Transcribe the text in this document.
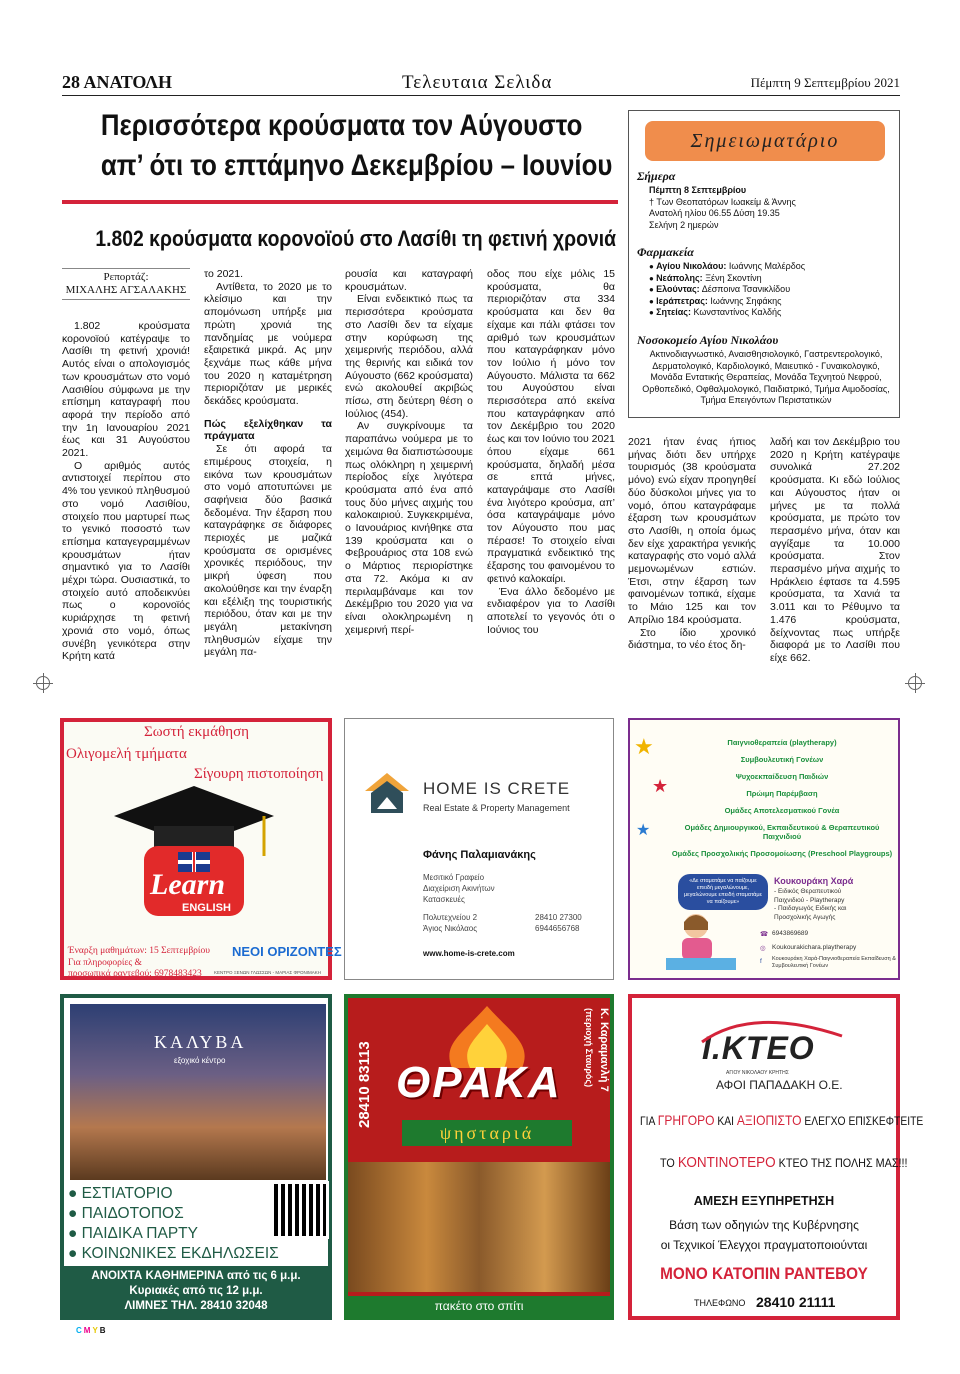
28 ΑΝΑΤΟΛΗ	Τελευταια Σελιδα	Πέμπτη 9 Σεπτεμβρίου 2021
Περισσότερα κρούσματα τον Αύγουστο
απ’ ότι το επτάμηνο Δεκεμβρίου – Ιουνίου
1.802 κρούσματα κορονοϊού στο Λασίθι τη φετινή χρονιά
Ρεπορτάζ:
ΜΙΧΑΛΗΣ ΑΓΣΑΛΑΚΗΣ

1.802 κρούσματα κορονοϊού κατέγραψε το Λασίθι τη φετινή χρονιά! Αυτός είναι ο απολογισμός των κρουσμάτων στο νομό Λασιθίου σύμφωνα με την επίσημη καταγραφή που αφορά την περίοδο από την 1η Ιανουαρίου 2021 έως και 31 Αυγούστου 2021.

Ο αριθμός αυτός αντιστοιχεί περίπου στο 4% του γενικού πληθυσμού στο νομό Λασιθίου, στοιχείο που μαρτυρεί πως το γενικό ποσοστό των επίσημα καταγεγραμμένων κρουσμάτων ήταν σημαντικό για το Λασίθι μέχρι τώρα. Ουσιαστικά, το στοιχείο αυτό αποδεικνύει πως ο κορονοϊός κυριάρχησε τη φετινή χρονιά στο νομό, όπως συνέβη γενικότερα στην Κρήτη κατά

το 2021.

Αντίθετα, το 2020 με το κλείσιμο και την απομόνωση υπήρξε μια πρώτη χρονιά της πανδημίας με νούμερα εξαιρετικά μικρά. Ας μην ξεχνάμε πως κάθε μήνα του 2020 η καταμέτρηση περιοριζόταν με μερικές δεκάδες κρούσματα.

Πώς εξελίχθηκαν τα πράγματα

Σε ότι αφορά τα επιμέρους στοιχεία, η εικόνα των κρουσμάτων στο νομό αποτυπώνει με σαφήνεια δύο βασικά δεδομένα. Την έξαρση που καταγράφηκε σε διάφορες περιοχές με μαζικά κρούσματα σε ορισμένες χρονικές περιόδους, την μικρή ύφεση που ακολούθησε και την έναρξη και εξέλιξη της τουριστικής περιόδου, όταν και με την μεγάλη μετακίνηση πληθυσμών είχαμε την μεγάλη πα-

ρουσία και καταγραφή κρουσμάτων.

Είναι ενδεικτικό πως τα περισσότερα κρούσματα στο Λασίθι δεν τα είχαμε στην κορύφωση της χειμερινής περιόδου, αλλά της θερινής και ειδικά τον Αύγουστο (662 κρούσματα) ενώ ακολουθεί ακριβώς πίσω, στη δεύτερη θέση ο Ιούλιος (454).

Αν συγκρίνουμε τα παραπάνω νούμερα με το χειμώνα θα διαπιστώσουμε πως ολόκληρη η χειμερινή περίοδος είχε λιγότερα κρούσματα από ένα από τους δύο μήνες αιχμής του καλοκαιριού. Συγκεκριμένα, ο Ιανουάριος κινήθηκε στα 139 κρούσματα και ο Φεβρουάριος στα 108 ενώ ο Μάρτιος περιορίστηκε στα 72. Ακόμα κι αν περιλαμβάναμε και τον Δεκέμβριο του 2020 για να είναι ολοκληρωμένη η χειμερινή περί-

οδος που είχε μόλις 15 κρούσματα, θα περιοριζόταν στα 334 κρούσματα και δεν θα είχαμε και πάλι φτάσει τον αριθμό των κρουσμάτων που καταγράφηκαν μόνο τον Ιούλιο ή μόνο τον Αύγουστο. Μάλιστα τα 662 του Αυγούστου είναι περισσότερα από εκείνα που καταγράφηκαν από τον Δεκέμβριο του 2020 έως και τον Ιούνιο του 2021 όπου είχαμε 661 κρούσματα, δηλαδή μέσα σε επτά μήνες, καταγράψαμε στο Λασίθι ένα λιγότερο κρούσμα, απ’ όσα καταγράψαμε μόνο τον Αύγουστο που μας πέρασε! Το στοιχείο είναι πραγματικά ενδεικτικό της έξαρσης του φαινομένου το φετινό καλοκαίρι.

Ένα άλλο δεδομένο με ενδιαφέρον για το Λασίθι αποτελεί το γεγονός ότι ο Ιούνιος του

2021 ήταν ένας ήπιος μήνας διότι δεν υπήρχε τουρισμός (38 κρούσματα μόνο) ενώ είχαν προηγηθεί δύο δύσκολοι μήνες για το νομό, όπου καταγράφαμε έξαρση των κρουσμάτων στο Λασίθι, η οποία όμως δεν είχε χαρακτήρα γενικής καταγραφής στο νομό αλλά μεμονωμένων εστιών. Έτσι, στην έξαρση των φαινομένων τοπικά, είχαμε το Μάιο 125 και τον Απρίλιο 184 κρούσματα.

Στο ίδιο χρονικό διάστημα, το νέο έτος δη-

λαδή και τον Δεκέμβριο του 2020 η Κρήτη κατέγραψε συνολικά 27.202 κρούσματα. Κι εδώ Ιούλιος και Αύγουστος ήταν οι μήνες με τα πολλά κρούσματα, με πρώτο τον περασμένο μήνα, όταν και αγγίξαμε τα 10.000 κρούσματα. Στον περασμένο μήνα αιχμής το Ηράκλειο έφτασε τα 4.595 κρούσματα, τα Χανιά τα 3.011 και το Ρέθυμνο τα 1.476 κρούσματα, δείχνοντας πως υπήρξε διαφορά με το Λασίθι που είχε 662.

Σημειωματάριο
Σήμερα
Πέμπτη 8 Σεπτεμβρίου
† Των Θεοπατόρων Ιωακείμ & Άννης
Ανατολή ηλίου 06.55 Δύση 19.35
Σελήνη 2 ημερών
Φαρμακεία
● Αγίου Νικολάου: Ιωάννης Μαλέρδος
● Νεάπολης: Ξένη Σκοντίνη
● Ελούντας: Δέσποινα Τσανικλίδου
● Ιεράπετρας: Ιωάννης Σηφάκης
● Σητείας: Κωνσταντίνος Καλδής
Νοσοκομείο Αγίου Νικολάου
Ακτινοδιαγνωστικό, Αναισθησιολογικό, Γαστρεντερολογικό, Δερματολογικό, Καρδιολογικό, Μαιευτικό - Γυναικολογικό, Μονάδα Εντατικής Θεραπείας, Μονάδα Τεχνητού Νεφρού, Ορθοπεδικό, Οφθαλμολογικό, Παιδιατρικό, Τμήμα Αιμοδοσίας, Τμήμα Επειγόντων Περιστατικών
Σωστή εκμάθηση
Ολιγομελή τμήματα
Σίγουρη πιστοποίηση
Learn
ENGLISH
Έναρξη μαθημάτων: 15 Σεπτεμβρίου
Για πληροφορίες &
προσωπικά ραντεβού: 6978483423
ΝΕΟΙ ΟΡΙΖΟΝΤΕΣ
ΚΕΝΤΡΟ ΞΕΝΩΝ ΓΛΩΣΣΩΝ - ΜΑΡΙΑΣ ΦΡΟΝΙΜΑΚΗ
HOME IS CRETE
Real Estate & Property Management
Φάνης Παλαμιανάκης
Μεσιτικό Γραφείο
Διαχείριση Ακινήτων
Κατασκευές
Πολυτεχνείου 2
Άγιος Νικόλαος
28410 27300
6944656768
www.home-is-crete.com
Παιγνιοθεραπεία (playtherapy)
Συμβουλευτική Γονέων
Ψυχοεκπαίδευση Παιδιών
Πρώιμη Παρέμβαση
Ομάδες Αποτελεσματικού Γονέα
Ομάδες Δημιουργικού, Εκπαιδευτικού & Θεραπευτικού Παιχνιδιού
Ομάδες Προσχολικής Προσομοίωσης (Preschool Playgroups)
★
★
★
«Δε σταματάμε να παίζουμε επειδή μεγαλώνουμε, μεγαλώνουμε επειδή σταματάμε να παίζουμε»
Κουκουράκη Χαρά
- Ειδικός Θεραπευτικού
Παιχνιδιού - Playtherapy
- Παιδαγωγός Ειδικής και
Προσχολικής Αγωγής
☎ 6943869689
◎ Koukourakichara.playtherapy
f Κουκουράκη Χαρά-Παιγνιοθεραπεία Εκπαίδευση & Συμβουλευτική Γονέων
ΚΑΛΥΒΑ
εξοχικό κέντρο
● ΕΣΤΙΑΤΟΡΙΟ
● ΠΑΙΔΟΤΟΠΟΣ
● ΠΑΙΔΙΚΑ ΠΑΡΤΥ
● ΚΟΙΝΩΝΙΚΕΣ ΕΚΔΗΛΩΣΕΙΣ
ΑΝΟΙΧΤΑ ΚΑΘΗΜΕΡΙΝΑ από τις 6 μ.μ.
Κυριακές από τις 12 μ.μ.
ΛΙΜΝΕΣ ΤΗΛ. 28410 32048
28410 83113	Κ. Καραμανλή 7
(περιοχή Σταυρός)
ΘΡΑΚΑ
ψησταριά
πακέτο στο σπίτι
Ι.ΚΤΕΟ
ΑΓΙΟΥ ΝΙΚΟΛΑΟΥ ΚΡΗΤΗΣ
ΑΦΟΙ ΠΑΠΑΔΑΚΗ Ο.Ε.
ΓΙΑ ΓΡΗΓΟΡΟ ΚΑΙ ΑΞΙΟΠΙΣΤΟ ΕΛΕΓΧΟ ΕΠΙΣΚΕΦΤΕΙΤΕ
ΤΟ ΚΟΝΤΙΝΟΤΕΡΟ ΚΤΕΟ ΤΗΣ ΠΟΛΗΣ ΜΑΣ!!!
ΑΜΕΣΗ ΕΞΥΠΗΡΕΤΗΣΗ
Βάση των οδηγιών της Κυβέρνησης
οι Τεχνικοί Έλεγχοι πραγματοποιούνται
ΜΟΝΟ ΚΑΤΟΠΙΝ ΡΑΝΤΕΒΟΥ
ΤΗΛΕΦΩΝΟ 28410 21111
CMYB
